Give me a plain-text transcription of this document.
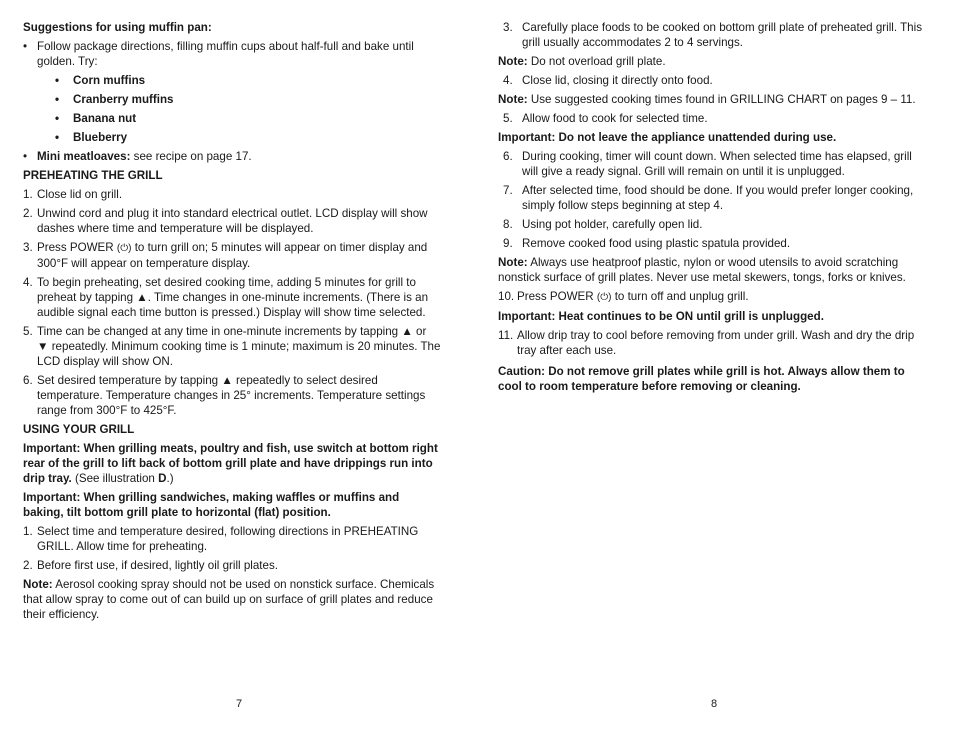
Suggestions for using muffin pan:

• Follow package directions, filling muffin cups about half-full and bake until golden. Try:
•	Corn muffins
•	Cranberry muffins
•	Banana nut
•	Blueberry
• Mini meatloaves: see recipe on page 17.

PREHEATING THE GRILL

1. Close lid on grill.
2. Unwind cord and plug it into standard electrical outlet. LCD display will show dashes where time and temperature will be displayed.
3. Press POWER (⏻) to turn grill on; 5 minutes will appear on timer display and 300°F will appear on temperature display.
4. To begin preheating, set desired cooking time, adding 5 minutes for grill to preheat by tapping ▲. Time changes in one-minute increments. (There is an audible signal each time button is pressed.) Display will show time selected.
5. Time can be changed at any time in one-minute increments by tapping ▲ or ▼ repeatedly. Minimum cooking time is 1 minute; maximum is 20 minutes. The LCD display will show ON.
6. Set desired temperature by tapping ▲ repeatedly to select desired temperature. Temperature changes in 25° increments. Temperature settings range from 300°F to 425°F.

USING YOUR GRILL

Important: When grilling meats, poultry and fish, use switch at bottom right rear of the grill to lift back of bottom grill plate and have drippings run into drip tray. (See illustration D.)

Important: When grilling sandwiches, making waffles or muffins and baking, tilt bottom grill plate to horizontal (flat) position.

1. Select time and temperature desired, following directions in PREHEATING GRILL. Allow time for preheating.
2. Before first use, if desired, lightly oil grill plates.

Note: Aerosol cooking spray should not be used on nonstick surface. Chemicals that allow spray to come out of can build up on surface of grill plates and reduce their efficiency.

7
3. Carefully place foods to be cooked on bottom grill plate of preheated grill. This grill usually accommodates 2 to 4 servings.

Note: Do not overload grill plate.

4. Close lid, closing it directly onto food.

Note: Use suggested cooking times found in GRILLING CHART on pages 9 – 11.

5. Allow food to cook for selected time.

Important: Do not leave the appliance unattended during use.

6. During cooking, timer will count down. When selected time has elapsed, grill will give a ready signal. Grill will remain on until it is unplugged.
7. After selected time, food should be done. If you would prefer longer cooking, simply follow steps beginning at step 4.
8. Using pot holder, carefully open lid.
9. Remove cooked food using plastic spatula provided.

Note: Always use heatproof plastic, nylon or wood utensils to avoid scratching nonstick surface of grill plates. Never use metal skewers, tongs, forks or knives.

10. Press POWER (⏻) to turn off and unplug grill.

Important: Heat continues to be ON until grill is unplugged.

11. Allow drip tray to cool before removing from under grill. Wash and dry the drip tray after each use.

Caution: Do not remove grill plates while grill is hot. Always allow them to cool to room temperature before removing or cleaning.

8
